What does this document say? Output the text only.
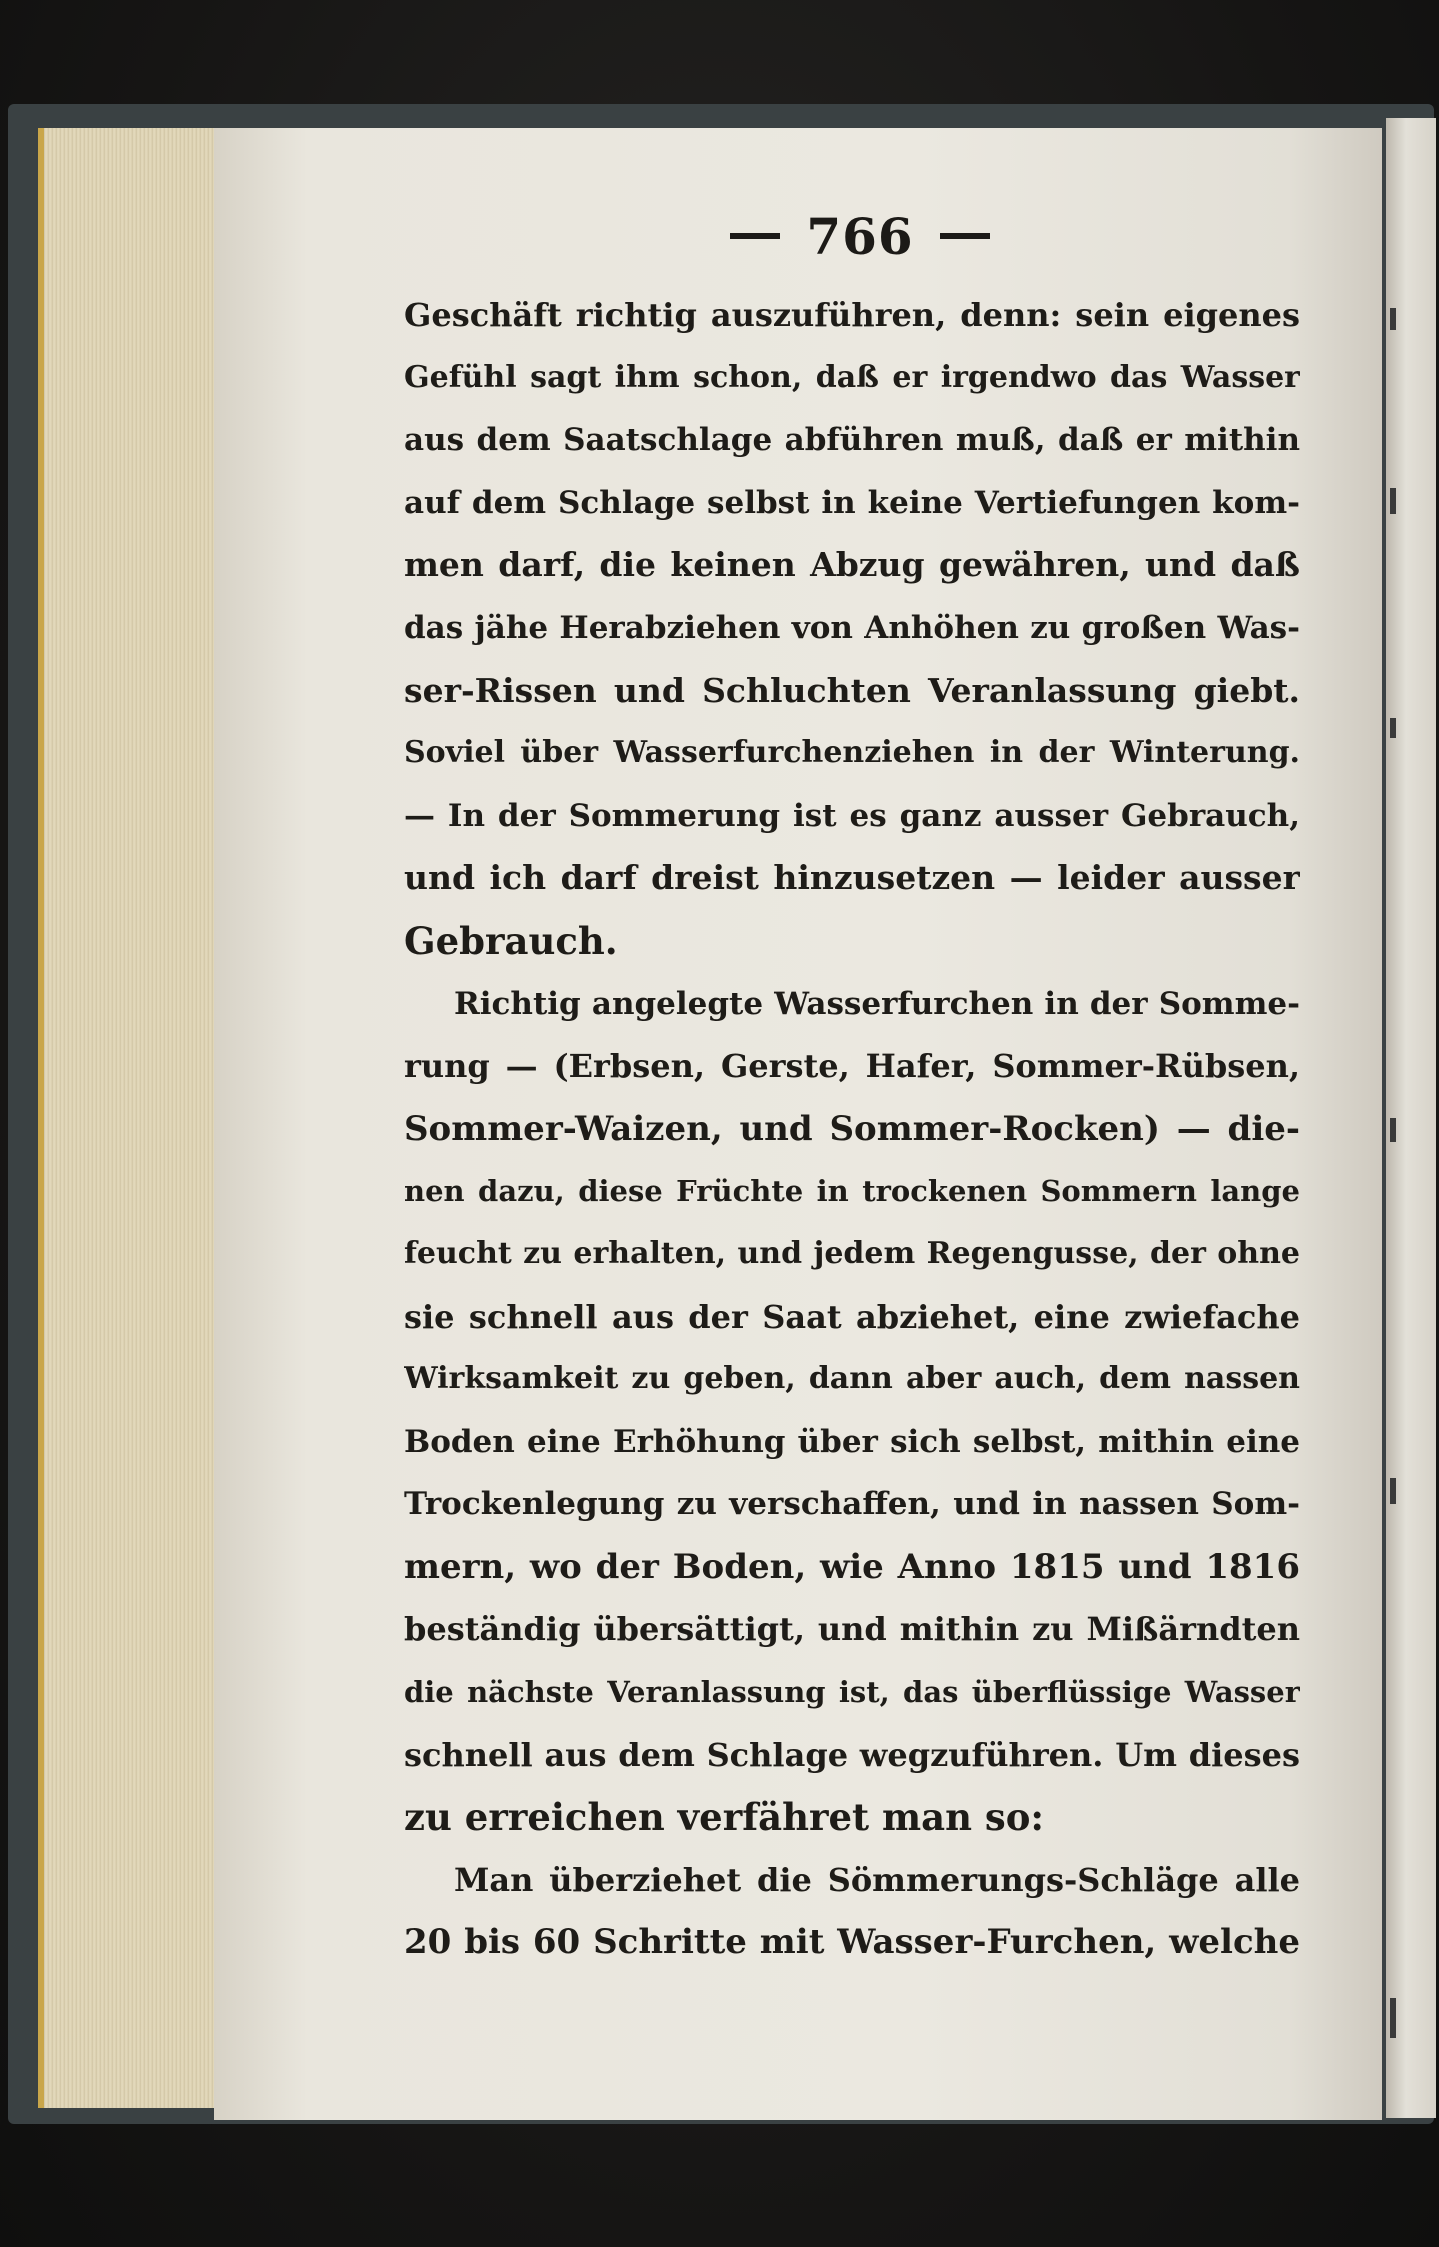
766
Geschäft richtig auszuführen, denn: sein eigenes
Gefühl sagt ihm schon, daß er irgendwo das Wasser
aus dem Saatschlage abführen muß, daß er mithin
auf dem Schlage selbst in keine Vertiefungen kom-
men darf, die keinen Abzug gewähren, und daß
das jähe Herabziehen von Anhöhen zu großen Was-
ser-Rissen und Schluchten Veranlassung giebt.
Soviel über Wasserfurchenziehen in der Winterung.
— In der Sommerung ist es ganz ausser Gebrauch,
und ich darf dreist hinzusetzen — leider ausser
Gebrauch.
Richtig angelegte Wasserfurchen in der Somme-
rung — (Erbsen, Gerste, Hafer, Sommer-Rübsen,
Sommer-Waizen, und Sommer-Rocken) — die-
nen dazu, diese Früchte in trockenen Sommern lange
feucht zu erhalten, und jedem Regengusse, der ohne
sie schnell aus der Saat abziehet, eine zwiefache
Wirksamkeit zu geben, dann aber auch, dem nassen
Boden eine Erhöhung über sich selbst, mithin eine
Trockenlegung zu verschaffen, und in nassen Som-
mern, wo der Boden, wie Anno 1815 und 1816
beständig übersättigt, und mithin zu Mißärndten
die nächste Veranlassung ist, das überflüssige Wasser
schnell aus dem Schlage wegzuführen. Um dieses
zu erreichen verfähret man so:
Man überziehet die Sömmerungs-Schläge alle
20 bis 60 Schritte mit Wasser-Furchen, welche
